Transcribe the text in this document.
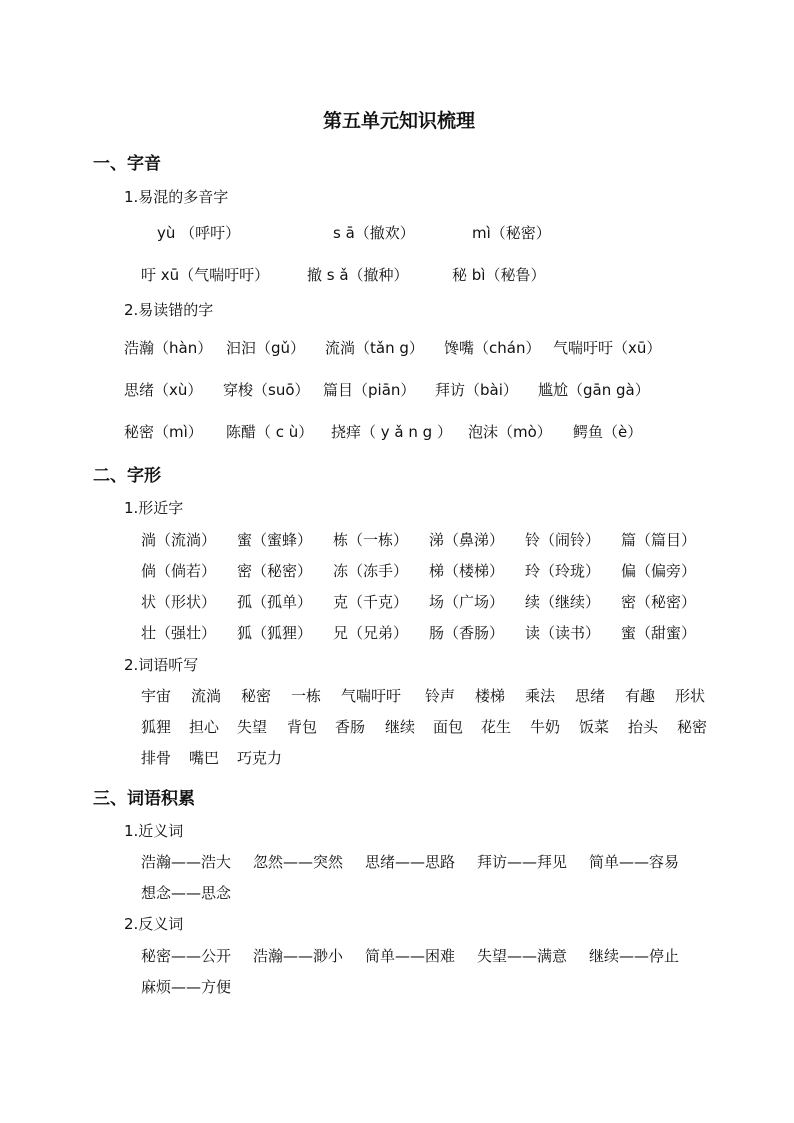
第五单元知识梳理
一、字音
1.易混的多音字
yù （呼吁）	s ā（撤欢）	mì（秘密）
吁 xū（气喘吁吁）	撤 s ǎ（撤种）	秘 bì（秘鲁）
2.易读错的字
浩瀚（hàn） 汩汩（gǔ） 流淌（tǎn g） 馋嘴（chán） 气喘吁吁（xū）
思绪（xù） 穿梭（suō） 篇目（piān） 拜访（bài） 尴尬（gān gà）
秘密（mì） 陈醋（ c ù） 挠痒（ y ǎ n g ） 泡沫（mò） 鳄鱼（è）
二、字形
1.形近字
淌（流淌） 蜜（蜜蜂） 栋（一栋） 涕（鼻涕） 铃（闹铃） 篇（篇目）
倘（倘若） 密（秘密） 冻（冻手） 梯（楼梯） 玲（玲珑） 偏（偏旁）
状（形状） 孤（孤单） 克（千克） 场（广场） 续（继续） 密（秘密）
壮（强壮） 狐（狐狸） 兄（兄弟） 肠（香肠） 读（读书） 蜜（甜蜜）
2.词语听写
宇宙 流淌 秘密 一栋 气喘吁吁 铃声 楼梯 乘法 思绪 有趣 形状
狐狸 担心 失望 背包 香肠 继续 面包 花生 牛奶 饭菜 抬头 秘密
排骨 嘴巴 巧克力
三、词语积累
1.近义词
浩瀚——浩大 忽然——突然 思绪——思路 拜访——拜见 简单——容易
想念——思念
2.反义词
秘密——公开 浩瀚——渺小 简单——困难 失望——满意 继续——停止
麻烦——方便
